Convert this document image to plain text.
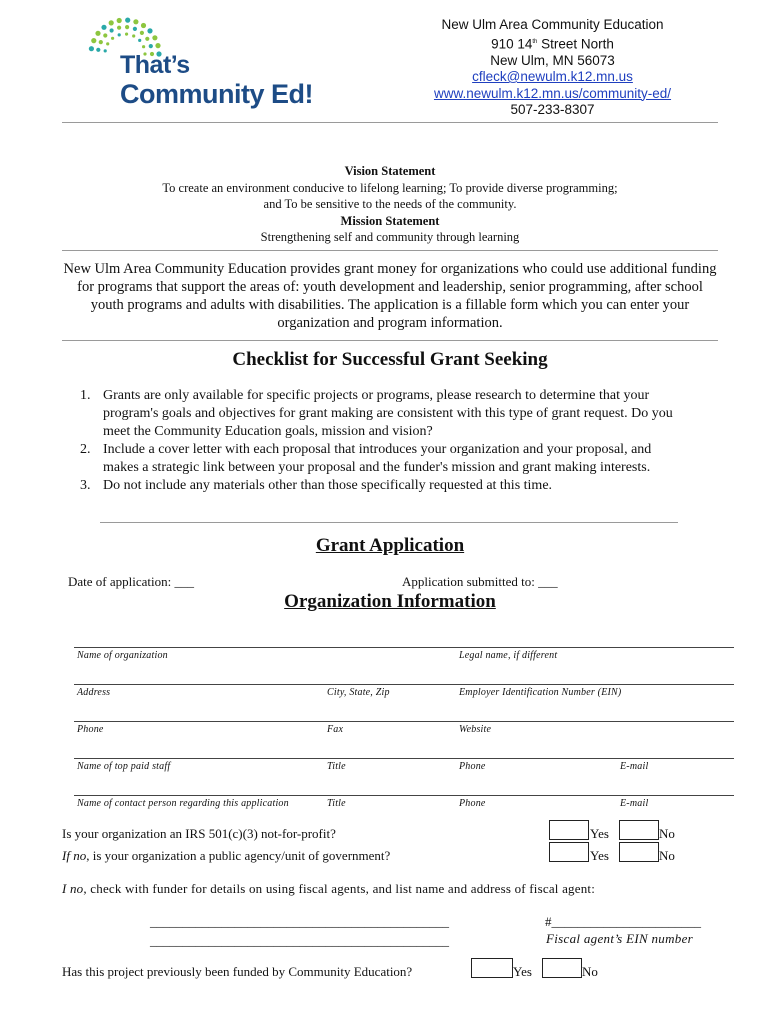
That’s
Community Ed!
New Ulm Area Community Education
910 14th Street North
New Ulm, MN 56073
cfleck@newulm.k12.mn.us
www.newulm.k12.mn.us/community-ed/
507-233-8307
Vision Statement
To create an environment conducive to lifelong learning; To provide diverse programming;
and To be sensitive to the needs of the community.
Mission Statement
Strengthening self and community through learning
New Ulm Area Community Education provides grant money for organizations who could use additional funding for programs that support the areas of: youth development and leadership, senior programming, after school youth programs and adults with disabilities. The application is a fillable form which you can enter your organization and program information.
Checklist for Successful Grant Seeking
1. Grants are only available for specific projects or programs, please research to determine that your program's goals and objectives for grant making are consistent with this type of grant request. Do you meet the Community Education goals, mission and vision?
2. Include a cover letter with each proposal that introduces your organization and your proposal, and makes a strategic link between your proposal and the funder's mission and grant making interests.
3. Do not include any materials other than those specifically requested at this time.
Grant Application
Date of application: ___	Application submitted to: ___
Organization Information
Name of organization	Legal name, if different
Address	City, State, Zip	Employer Identification Number (EIN)
Phone	Fax	Website
Name of top paid staff	Title	Phone	E-mail
Name of contact person regarding this application	Title	Phone	E-mail
Is your organization an IRS 501(c)(3) not-for-profit?	Yes	No
If no, is your organization a public agency/unit of government?	Yes	No
I no, check with funder for details on using fiscal agents, and list name and address of fiscal agent:
______________________________________________
______________________________________________
#_______________________
Fiscal agent’s EIN number
Has this project previously been funded by Community Education?	Yes	No
